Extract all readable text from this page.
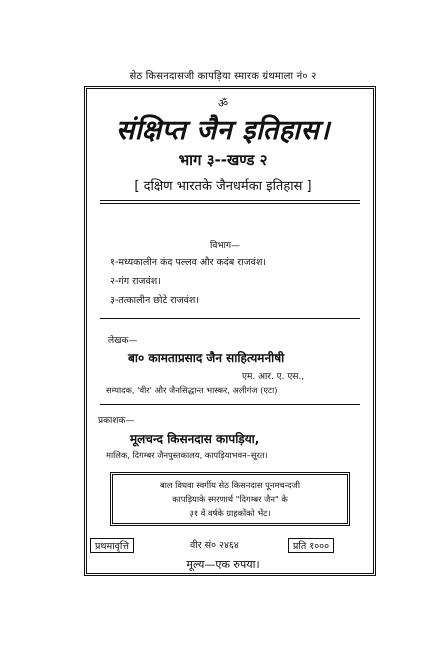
सेठ किसनदासजी कापड़िया स्मारक ग्रंथमाला नं० २
ॐ
संक्षिप्त जैन इतिहास।
भाग ३--खण्ड २
[ दक्षिण भारतके जैनधर्मका इतिहास ]
विभाग—
१-मध्यकालीन कंद पल्लव और कदंब राजवंश।
२-गंग राजवंश।
३-तत्कालीन छोटे राजवंश।
लेखक—
बा० कामताप्रसाद जैन साहित्यमनीषी
एम. आर. ए. एस.,
सम्पादक, 'वीर' और जैनसिद्धान्त भास्कर, अलीगंज (एटा)
प्रकाशक—
मूलचन्द किसनदास कापड़िया,
मालिक, दिगम्बर जैनपुस्तकालय, कापड़ियाभवन–सूरत।
बाल विधवा स्वर्गीय सेठ किसनदास पूनमचन्दजी
कापड़ियाके स्मरणार्थ "दिगम्बर जैन" के
३१ वें वर्षके ग्राहकोंको भेंट।
प्रथमावृत्ति	वीर सं० २४६४	प्रति १०००
मूल्य—एक रुपया।
